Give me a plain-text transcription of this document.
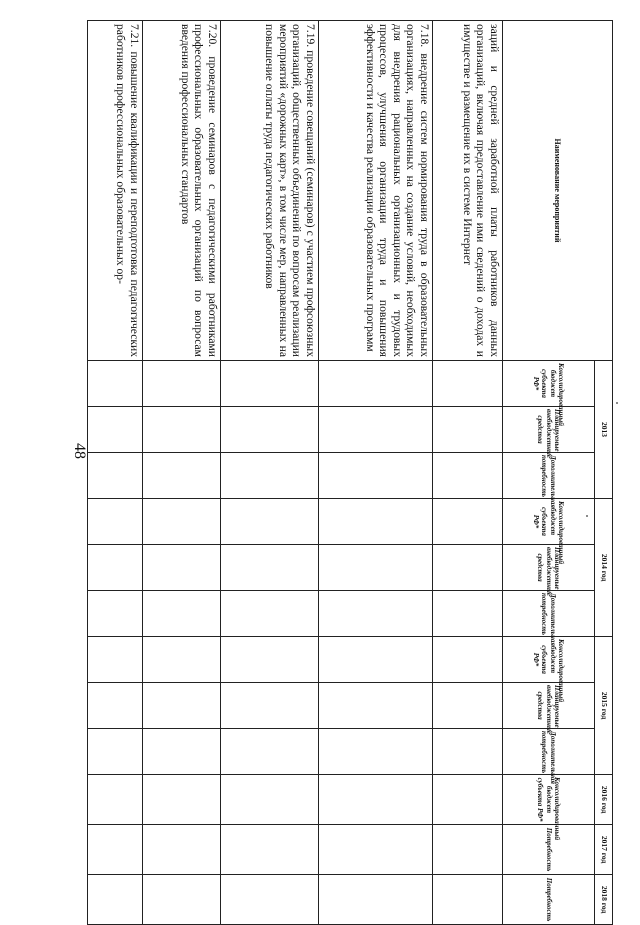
48
Наименование мероприятий	2013			2014 год			2015 год			2016 год	2017 год	2018 год
	Консолидированный бюджет субъекта РФ*	Планируемые внебюджетные средства	Дополнительная потребность	Консолидированный бюджет субъекта РФ*	Планируемые внебюджетные средства	Дополнительная потребность	Консолидированный бюджет субъекта РФ*	Планируемые внебюджетные средства	Дополнительная потребность	Консолидированный бюджет субъекта РФ*	Потребность	Потребность
заций и средней заработной платы работников данных организаций, включая предоставление ими сведений о доходах и имуществе и размещение их в системе Интернет												
7.18. внедрение систем нормирования труда в образовательных организациях, направленных на создание условий, необходимых для внедрения рациональных организационных и трудовых процессов, улучшения организации труда и повышения эффективности и качества реализации образовательных программ												
7.19. проведение совещаний (семинаров) с участием профсоюзных организаций, общественных объединений по вопросам реализации мероприятий «дорожных карт», в том числе мер, направленных на повышение оплаты труда педагогических работников												
7.20. проведение семинаров с педагогическими работниками профессиональных образовательных организаций по вопросам введения профессиональных стандартов												
7.21. повышение квалификации и переподготовка педагогических работников профессиональных образовательных ор-												
